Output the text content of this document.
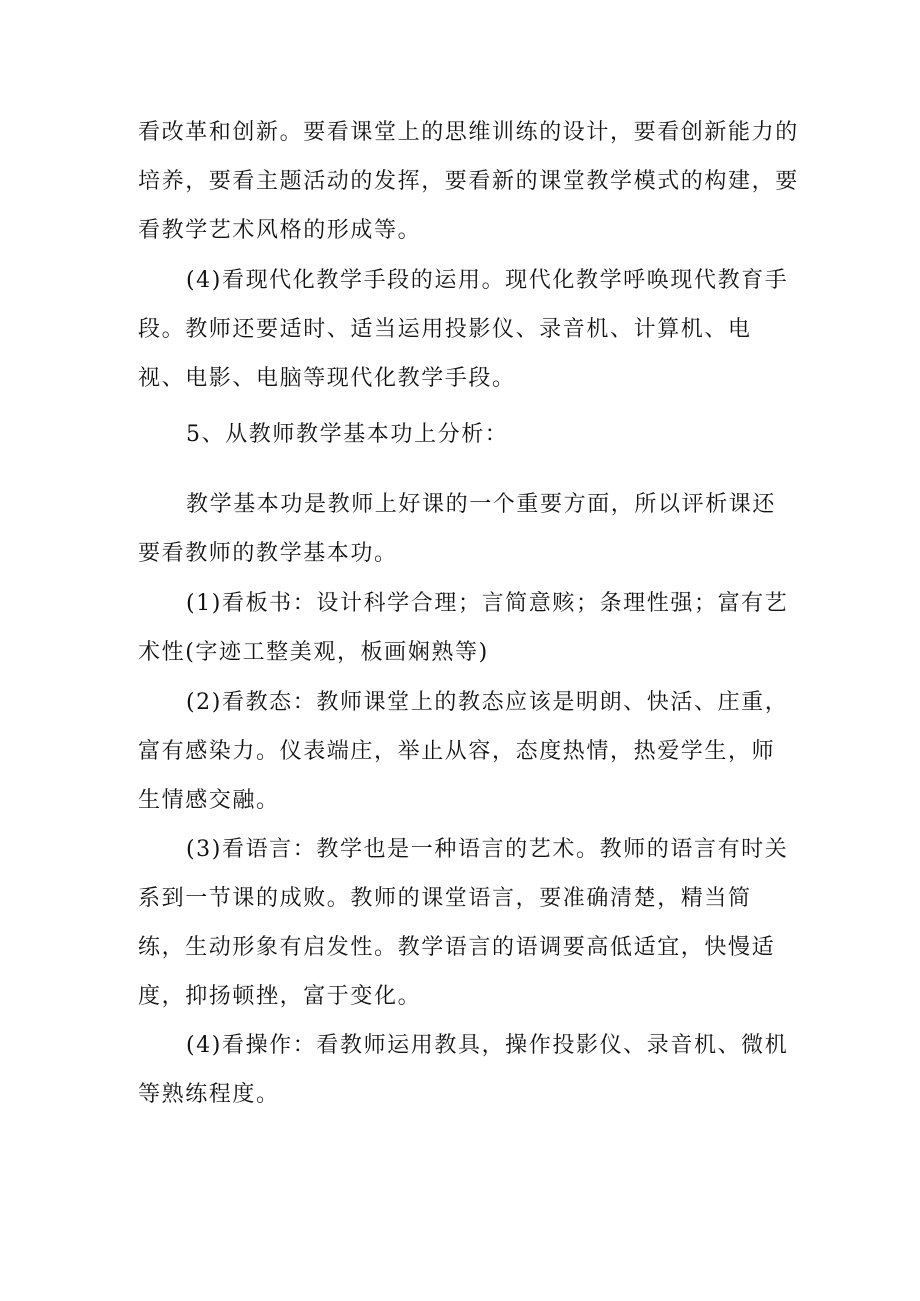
看改革和创新。要看课堂上的思维训练的设计，要看创新能力的
培养，要看主题活动的发挥，要看新的课堂教学模式的构建，要
看教学艺术风格的形成等。
(4)看现代化教学手段的运用。现代化教学呼唤现代教育手
段。教师还要适时、适当运用投影仪、录音机、计算机、电
视、电影、电脑等现代化教学手段。
5、从教师教学基本功上分析：
教学基本功是教师上好课的一个重要方面，所以评析课还
要看教师的教学基本功。
(1)看板书：设计科学合理；言简意赅；条理性强；富有艺
术性(字迹工整美观，板画娴熟等)
(2)看教态：教师课堂上的教态应该是明朗、快活、庄重，
富有感染力。仪表端庄，举止从容，态度热情，热爱学生，师
生情感交融。
(3)看语言：教学也是一种语言的艺术。教师的语言有时关
系到一节课的成败。教师的课堂语言，要准确清楚，精当简
练，生动形象有启发性。教学语言的语调要高低适宜，快慢适
度，抑扬顿挫，富于变化。
(4)看操作：看教师运用教具，操作投影仪、录音机、微机
等熟练程度。
